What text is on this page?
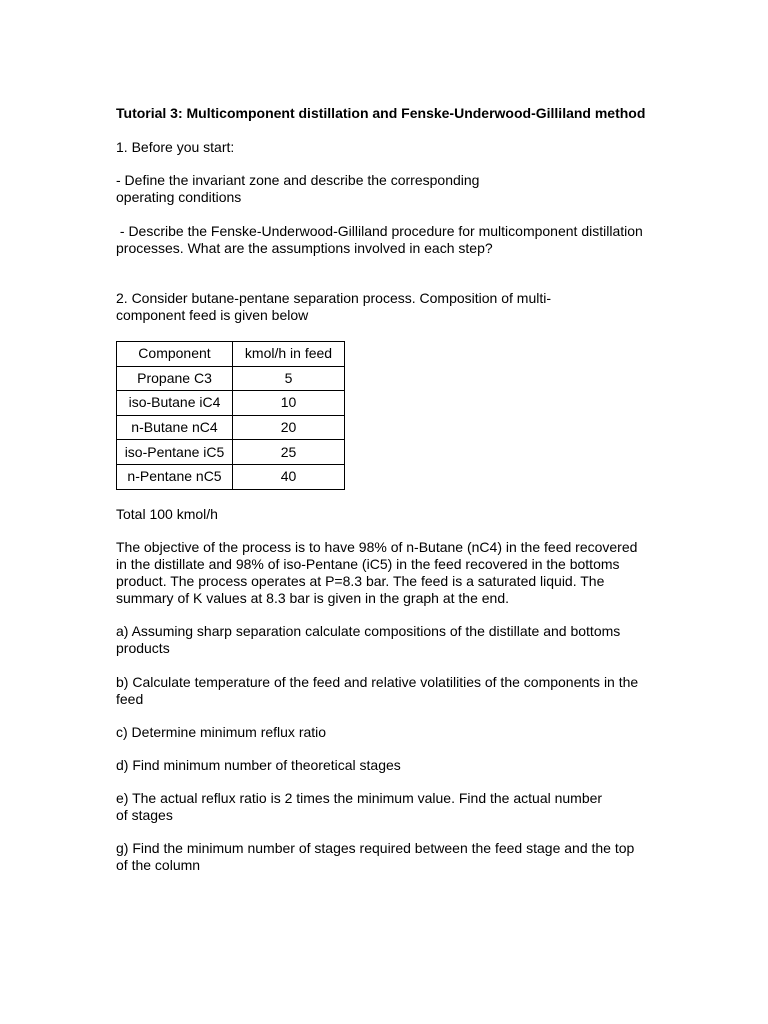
Tutorial 3: Multicomponent distillation and Fenske-Underwood-Gilliland method

1. Before you start:

- Define the invariant zone and describe the corresponding operating conditions

- Describe the Fenske-Underwood-Gilliland procedure for multicomponent distillation processes. What are the assumptions involved in each step?

2. Consider butane-pentane separation process. Composition of multi-component feed is given below

Component	kmol/h in feed
Propane C3	5
iso-Butane iC4	10
n-Butane nC4	20
iso-Pentane iC5	25
n-Pentane nC5	40

Total 100 kmol/h

The objective of the process is to have 98% of n-Butane (nC4) in the feed recovered in the distillate and 98% of iso-Pentane (iC5) in the feed recovered in the bottoms product. The process operates at P=8.3 bar. The feed is a saturated liquid. The summary of K values at 8.3 bar is given in the graph at the end.

a) Assuming sharp separation calculate compositions of the distillate and bottoms products

b) Calculate temperature of the feed and relative volatilities of the components in the feed

c) Determine minimum reflux ratio

d) Find minimum number of theoretical stages

e) The actual reflux ratio is 2 times the minimum value. Find the actual number of stages

g) Find the minimum number of stages required between the feed stage and the top of the column
